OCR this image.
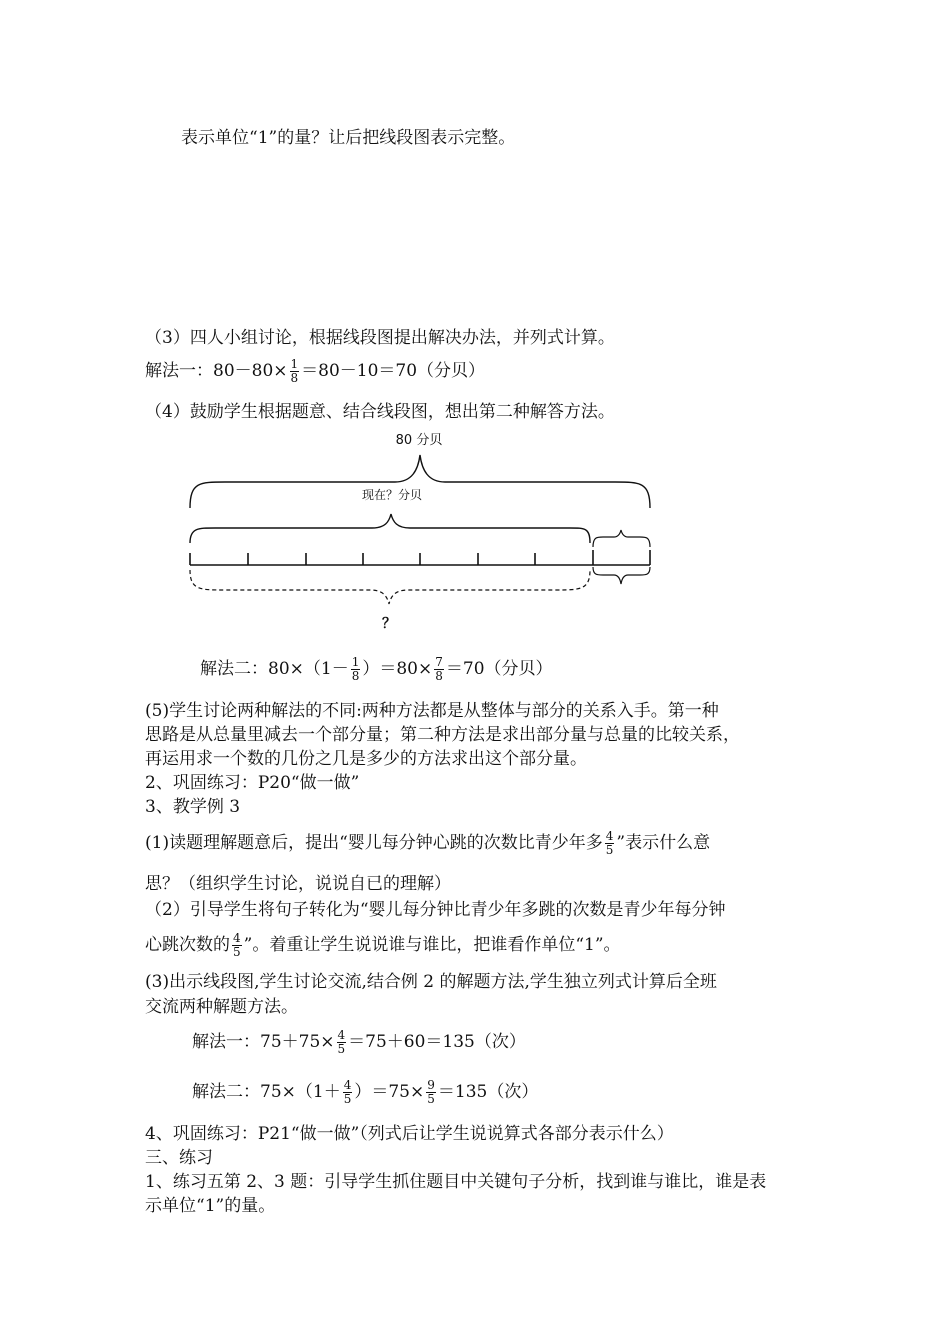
表示单位“1”的量？让后把线段图表示完整。
（3）四人小组讨论，根据线段图提出解决办法，并列式计算。
解法一：$80-80\times \frac{1}{8} =80-10=70$（分贝）
（4）鼓励学生根据题意、结合线段图，想出第二种解答方法。
80 分贝
现在？分贝
？
解法二：$80\times(1- \frac{1}{8} )=80\times \frac{7}{8} =70$（分贝）
(5)学生讨论两种解法的不同:两种方法都是从整体与部分的关系入手。第一种
思路是从总量里减去一个部分量；第二种方法是求出部分量与总量的比较关系，
再运用求一个数的几份之几是多少的方法求出这个部分量。
2、巩固练习：P20“做一做”
3、教学例 3
(1)读题理解题意后，提出“婴儿每分钟心跳的次数比青少年多 $\frac{4}{5}$ ”表示什么意
思？（组织学生讨论，说说自已的理解）
（2）引导学生将句子转化为“婴儿每分钟比青少年多跳的次数是青少年每分钟
心跳次数的 $\frac{4}{5}$ ”。着重让学生说说谁与谁比，把谁看作单位“1”。
(3)出示线段图,学生讨论交流,结合例 2 的解题方法,学生独立列式计算后全班
交流两种解题方法。
解法一：$75+75\times \frac{4}{5} =75+60=135$（次）
解法二：$75\times(1+ \frac{4}{5} )=75\times \frac{9}{5} =135$（次）
4、巩固练习：P21“做一做”（列式后让学生说说算式各部分表示什么）
三、练习
1、练习五第 2、3 题：引导学生抓住题目中关键句子分析，找到谁与谁比，谁是表
示单位“1”的量。
